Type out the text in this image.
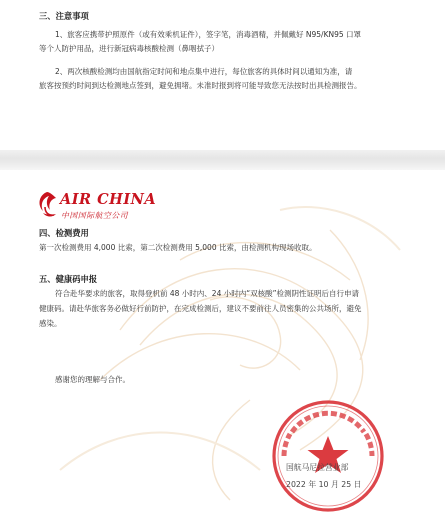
三、注意事项
1、旅客应携带护照原件（或有效乘机证件），签字笔，消毒酒精，并佩戴好 N95/KN95 口罩
等个人防护用品，进行新冠病毒核酸检测（鼻咽拭子）
2、两次核酸检测均由国航指定时间和地点集中进行，每位旅客的具体时间以通知为准，请
旅客按预约时间到达检测地点签到，避免拥堵。未准时报到将可能导致您无法按时出具检测报告。
AIR CHINA
中国国际航空公司
四、检测费用
第一次检测费用 4,000 比索，第二次检测费用 5,000 比索，由检测机构现场收取。
五、健康码申报
符合赴华要求的旅客，取得登机前 48 小时内、24 小时内“双核酸”检测阴性证明后自行申请
健康码。请赴华旅客务必做好行前防护，在完成检测后，建议不要前往人员密集的公共场所，避免
感染。
感谢您的理解与合作。
国航马尼拉营业部
2022 年 10 月 25 日
